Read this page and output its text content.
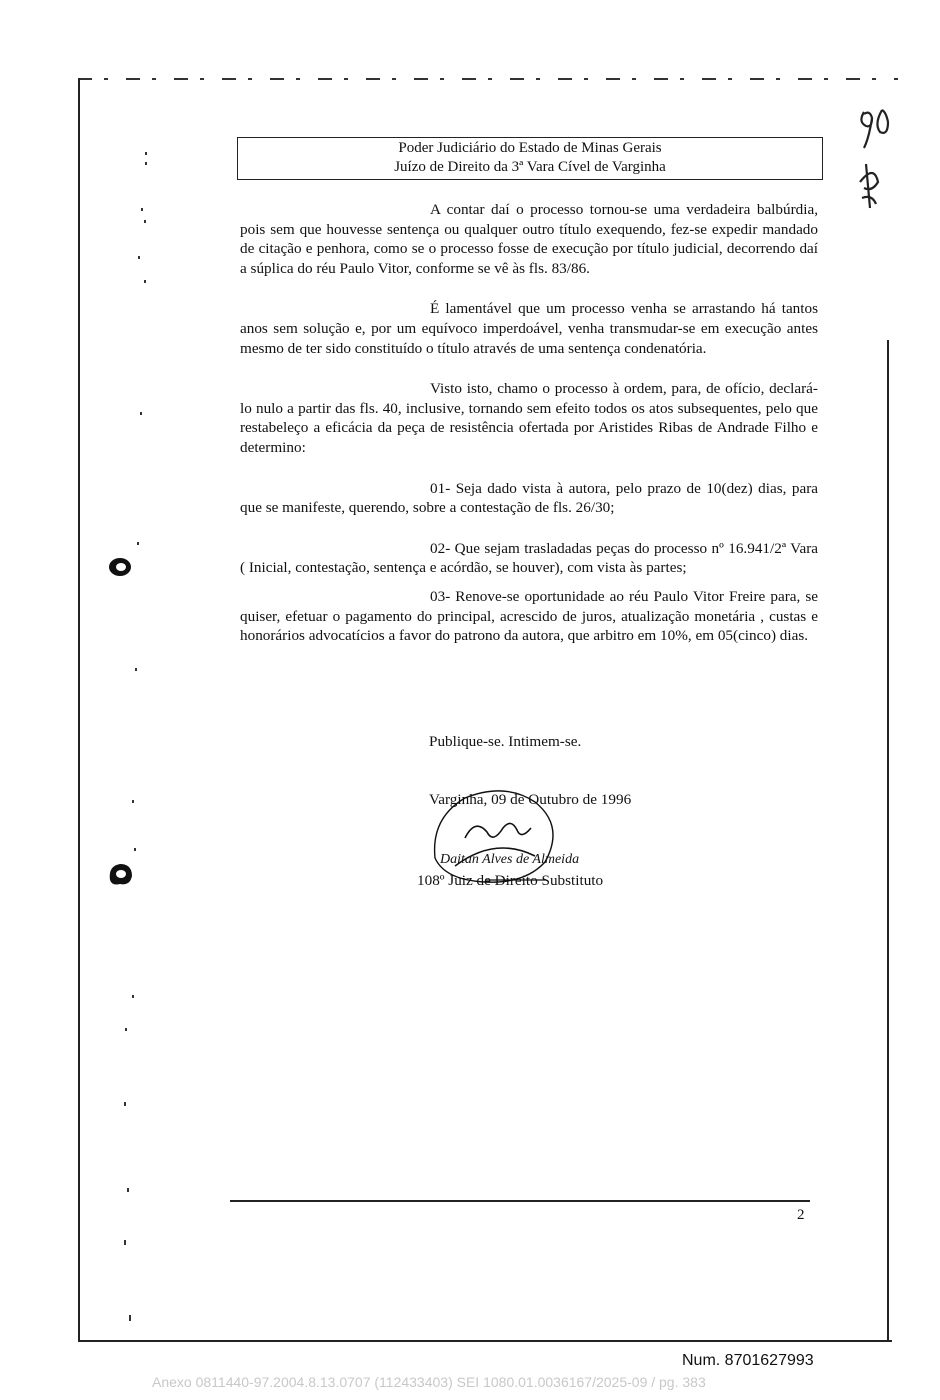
Poder Judiciário do Estado de Minas Gerais
Juízo de Direito da 3ª Vara Cível de Varginha

A contar daí o processo tornou-se uma verdadeira balbúrdia, pois sem que houvesse sentença ou qualquer outro título exequendo, fez-se expedir mandado de citação e penhora, como se o processo fosse de execução por título judicial, decorrendo daí a súplica do réu Paulo Vitor, conforme se vê às fls. 83/86.

É lamentável que um processo venha se arrastando há tantos anos sem solução e, por um equívoco imperdoável, venha transmudar-se em execução antes mesmo de ter sido constituído o título através de uma sentença condenatória.

Visto isto, chamo o processo à ordem, para, de ofício, declará-lo nulo a partir das fls. 40, inclusive, tornando sem efeito todos os atos subsequentes, pelo que restabeleço a eficácia da peça de resistência ofertada por Aristides Ribas de Andrade Filho e determino:

01- Seja dado vista à autora, pelo prazo de 10(dez) dias, para que se manifeste, querendo, sobre a contestação de fls. 26/30;

02- Que sejam trasladadas peças do processo nº 16.941/2ª Vara ( Inicial, contestação, sentença e acórdão, se houver), com vista às partes;

03- Renove-se oportunidade ao réu Paulo Vitor Freire para, se quiser, efetuar o pagamento do principal, acrescido de juros, atualização monetária , custas e honorários advocatícios a favor do patrono da autora, que arbitro em 10%, em 05(cinco) dias.

Publique-se. Intimem-se.
Varginha, 09 de Outubro de 1996
Daitan Alves de Almeida
108º Juiz de Direito Substituto
2
Num. 8701627993
Anexo 0811440-97.2004.8.13.0707 (112433403) SEI 1080.01.0036167/2025-09 / pg. 383
